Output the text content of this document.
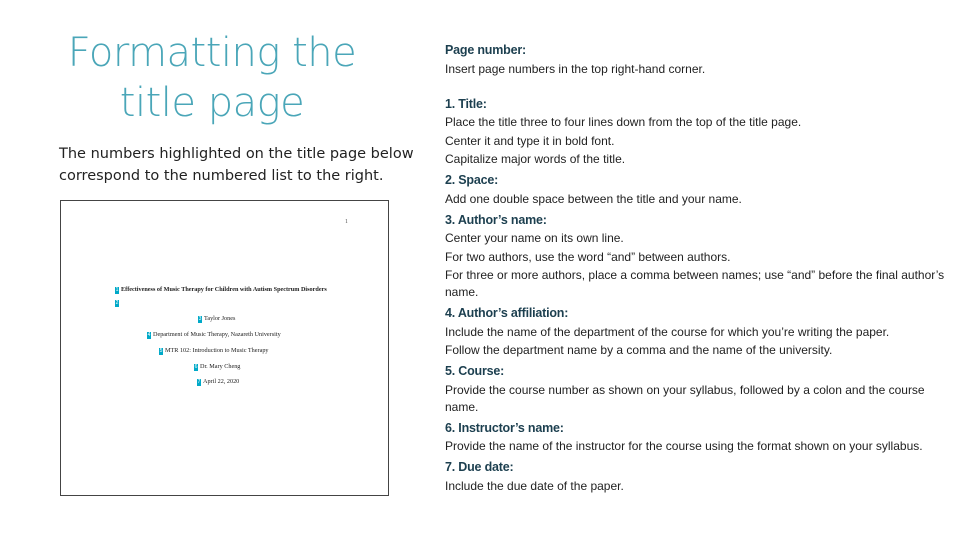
Formatting the
title page
The numbers highlighted on the title page below correspond to the numbered list to the right.
1
1 Effectiveness of Music Therapy for Children with Autism Spectrum Disorders
2
3 Taylor Jones
4 Department of Music Therapy, Nazareth University
5 MTR 102: Introduction to Music Therapy
6 Dr. Mary Cheng
7 April 22, 2020
Page number:
Insert page numbers in the top right-hand corner.
1. Title:
Place the title three to four lines down from the top of the title page.
Center it and type it in bold font.
Capitalize major words of the title.
2. Space:
Add one double space between the title and your name.
3. Author’s name:
Center your name on its own line.
For two authors, use the word “and” between authors.
For three or more authors, place a comma between names; use “and” before the final author’s name.
4. Author’s affiliation:
Include the name of the department of the course for which you’re writing the paper.
Follow the department name by a comma and the name of the university.
5. Course:
Provide the course number as shown on your syllabus, followed by a colon and the course name.
6. Instructor’s name:
Provide the name of the instructor for the course using the format shown on your syllabus.
7. Due date:
Include the due date of the paper.
